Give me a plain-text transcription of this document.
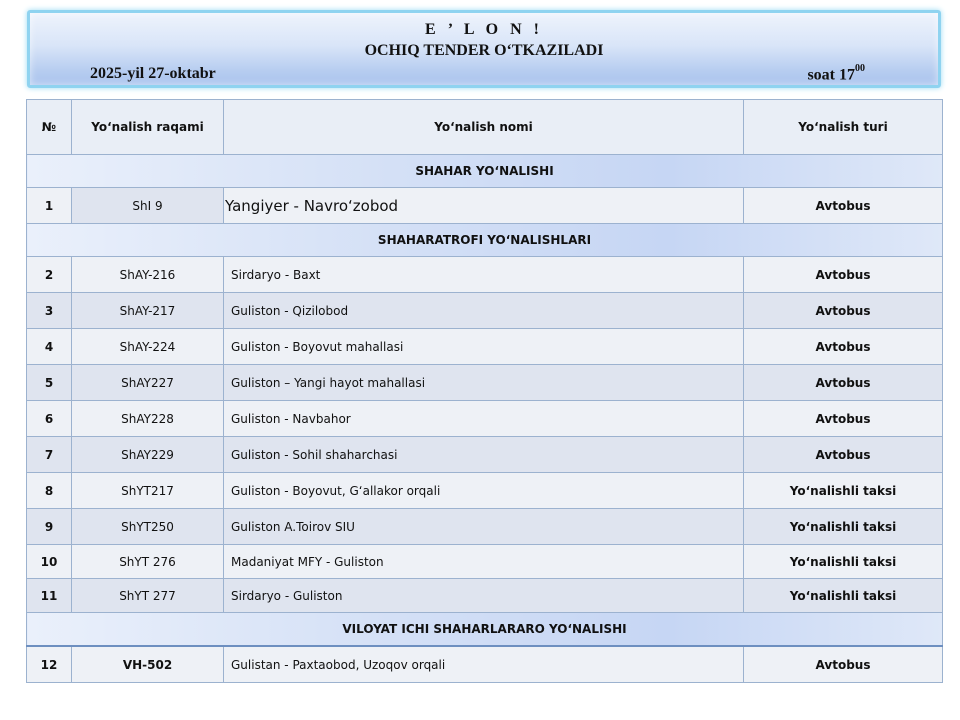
E ’ L O N !
OCHIQ TENDER O‘TKAZILADI
2025-yil 27-oktabr	soat $17^{00}$
№	Yo‘nalish raqami	Yo‘nalish nomi	Yo‘nalish turi
SHAHAR YO‘NALISHI			
1	ShI 9	Yangiyer - Navro‘zobod	Avtobus
SHAHARATROFI YO‘NALISHLARI			
2	ShAY-216	Sirdaryo - Baxt	Avtobus
3	ShAY-217	Guliston - Qizilobod	Avtobus
4	ShAY-224	Guliston - Boyovut mahallasi	Avtobus
5	ShAY227	Guliston – Yangi hayot mahallasi	Avtobus
6	ShAY228	Guliston - Navbahor	Avtobus
7	ShAY229	Guliston - Sohil shaharchasi	Avtobus
8	ShYT217	Guliston - Boyovut, G‘allakor orqali	Yo‘nalishli taksi
9	ShYT250	Guliston A.Toirov SIU	Yo‘nalishli taksi
10	ShYT 276	Madaniyat MFY - Guliston	Yo‘nalishli taksi
11	ShYT 277	Sirdaryo - Guliston	Yo‘nalishli taksi
VILOYAT ICHI SHAHARLARARO YO‘NALISHI			
12	VH-502	Gulistan - Paxtaobod, Uzoqov orqali	Avtobus
